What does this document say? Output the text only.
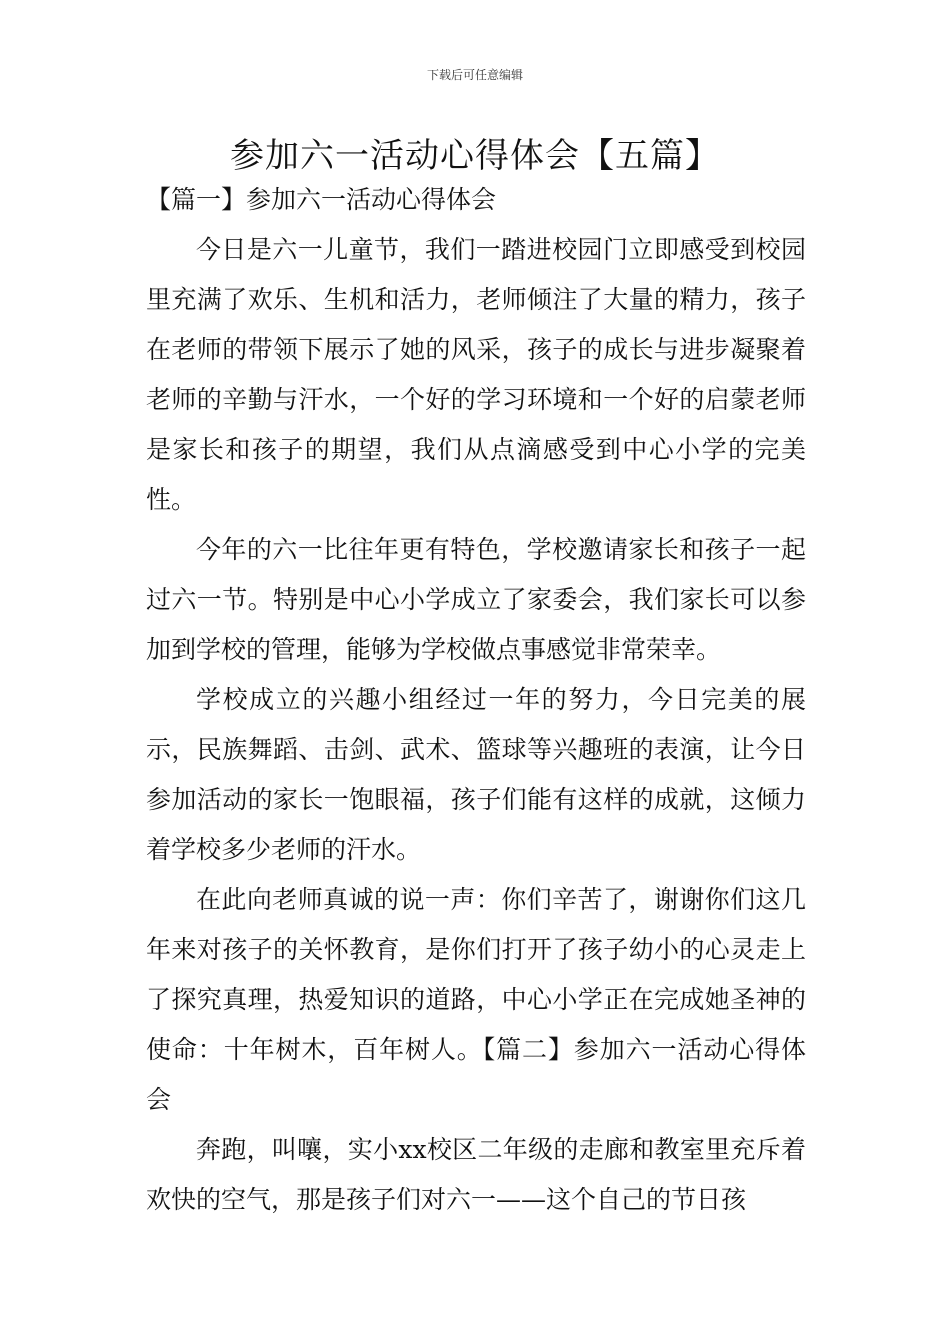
下载后可任意编辑
参加六一活动心得体会【五篇】
【篇一】参加六一活动心得体会

今日是六一儿童节，我们一踏进校园门立即感受到校园里充满了欢乐、生机和活力，老师倾注了大量的精力，孩子在老师的带领下展示了她的风采，孩子的成长与进步凝聚着老师的辛勤与汗水，一个好的学习环境和一个好的启蒙老师是家长和孩子的期望，我们从点滴感受到中心小学的完美性。

今年的六一比往年更有特色，学校邀请家长和孩子一起过六一节。特别是中心小学成立了家委会，我们家长可以参加到学校的管理，能够为学校做点事感觉非常荣幸。

学校成立的兴趣小组经过一年的努力，今日完美的展示，民族舞蹈、击剑、武术、篮球等兴趣班的表演，让今日参加活动的家长一饱眼福，孩子们能有这样的成就，这倾力着学校多少老师的汗水。

在此向老师真诚的说一声：你们辛苦了，谢谢你们这几年来对孩子的关怀教育，是你们打开了孩子幼小的心灵走上了探究真理，热爱知识的道路，中心小学正在完成她圣神的使命：十年树木，百年树人。【篇二】参加六一活动心得体会

奔跑，叫嚷，实小xx校区二年级的走廊和教室里充斥着欢快的空气，那是孩子们对六一——这个自己的节日孩
